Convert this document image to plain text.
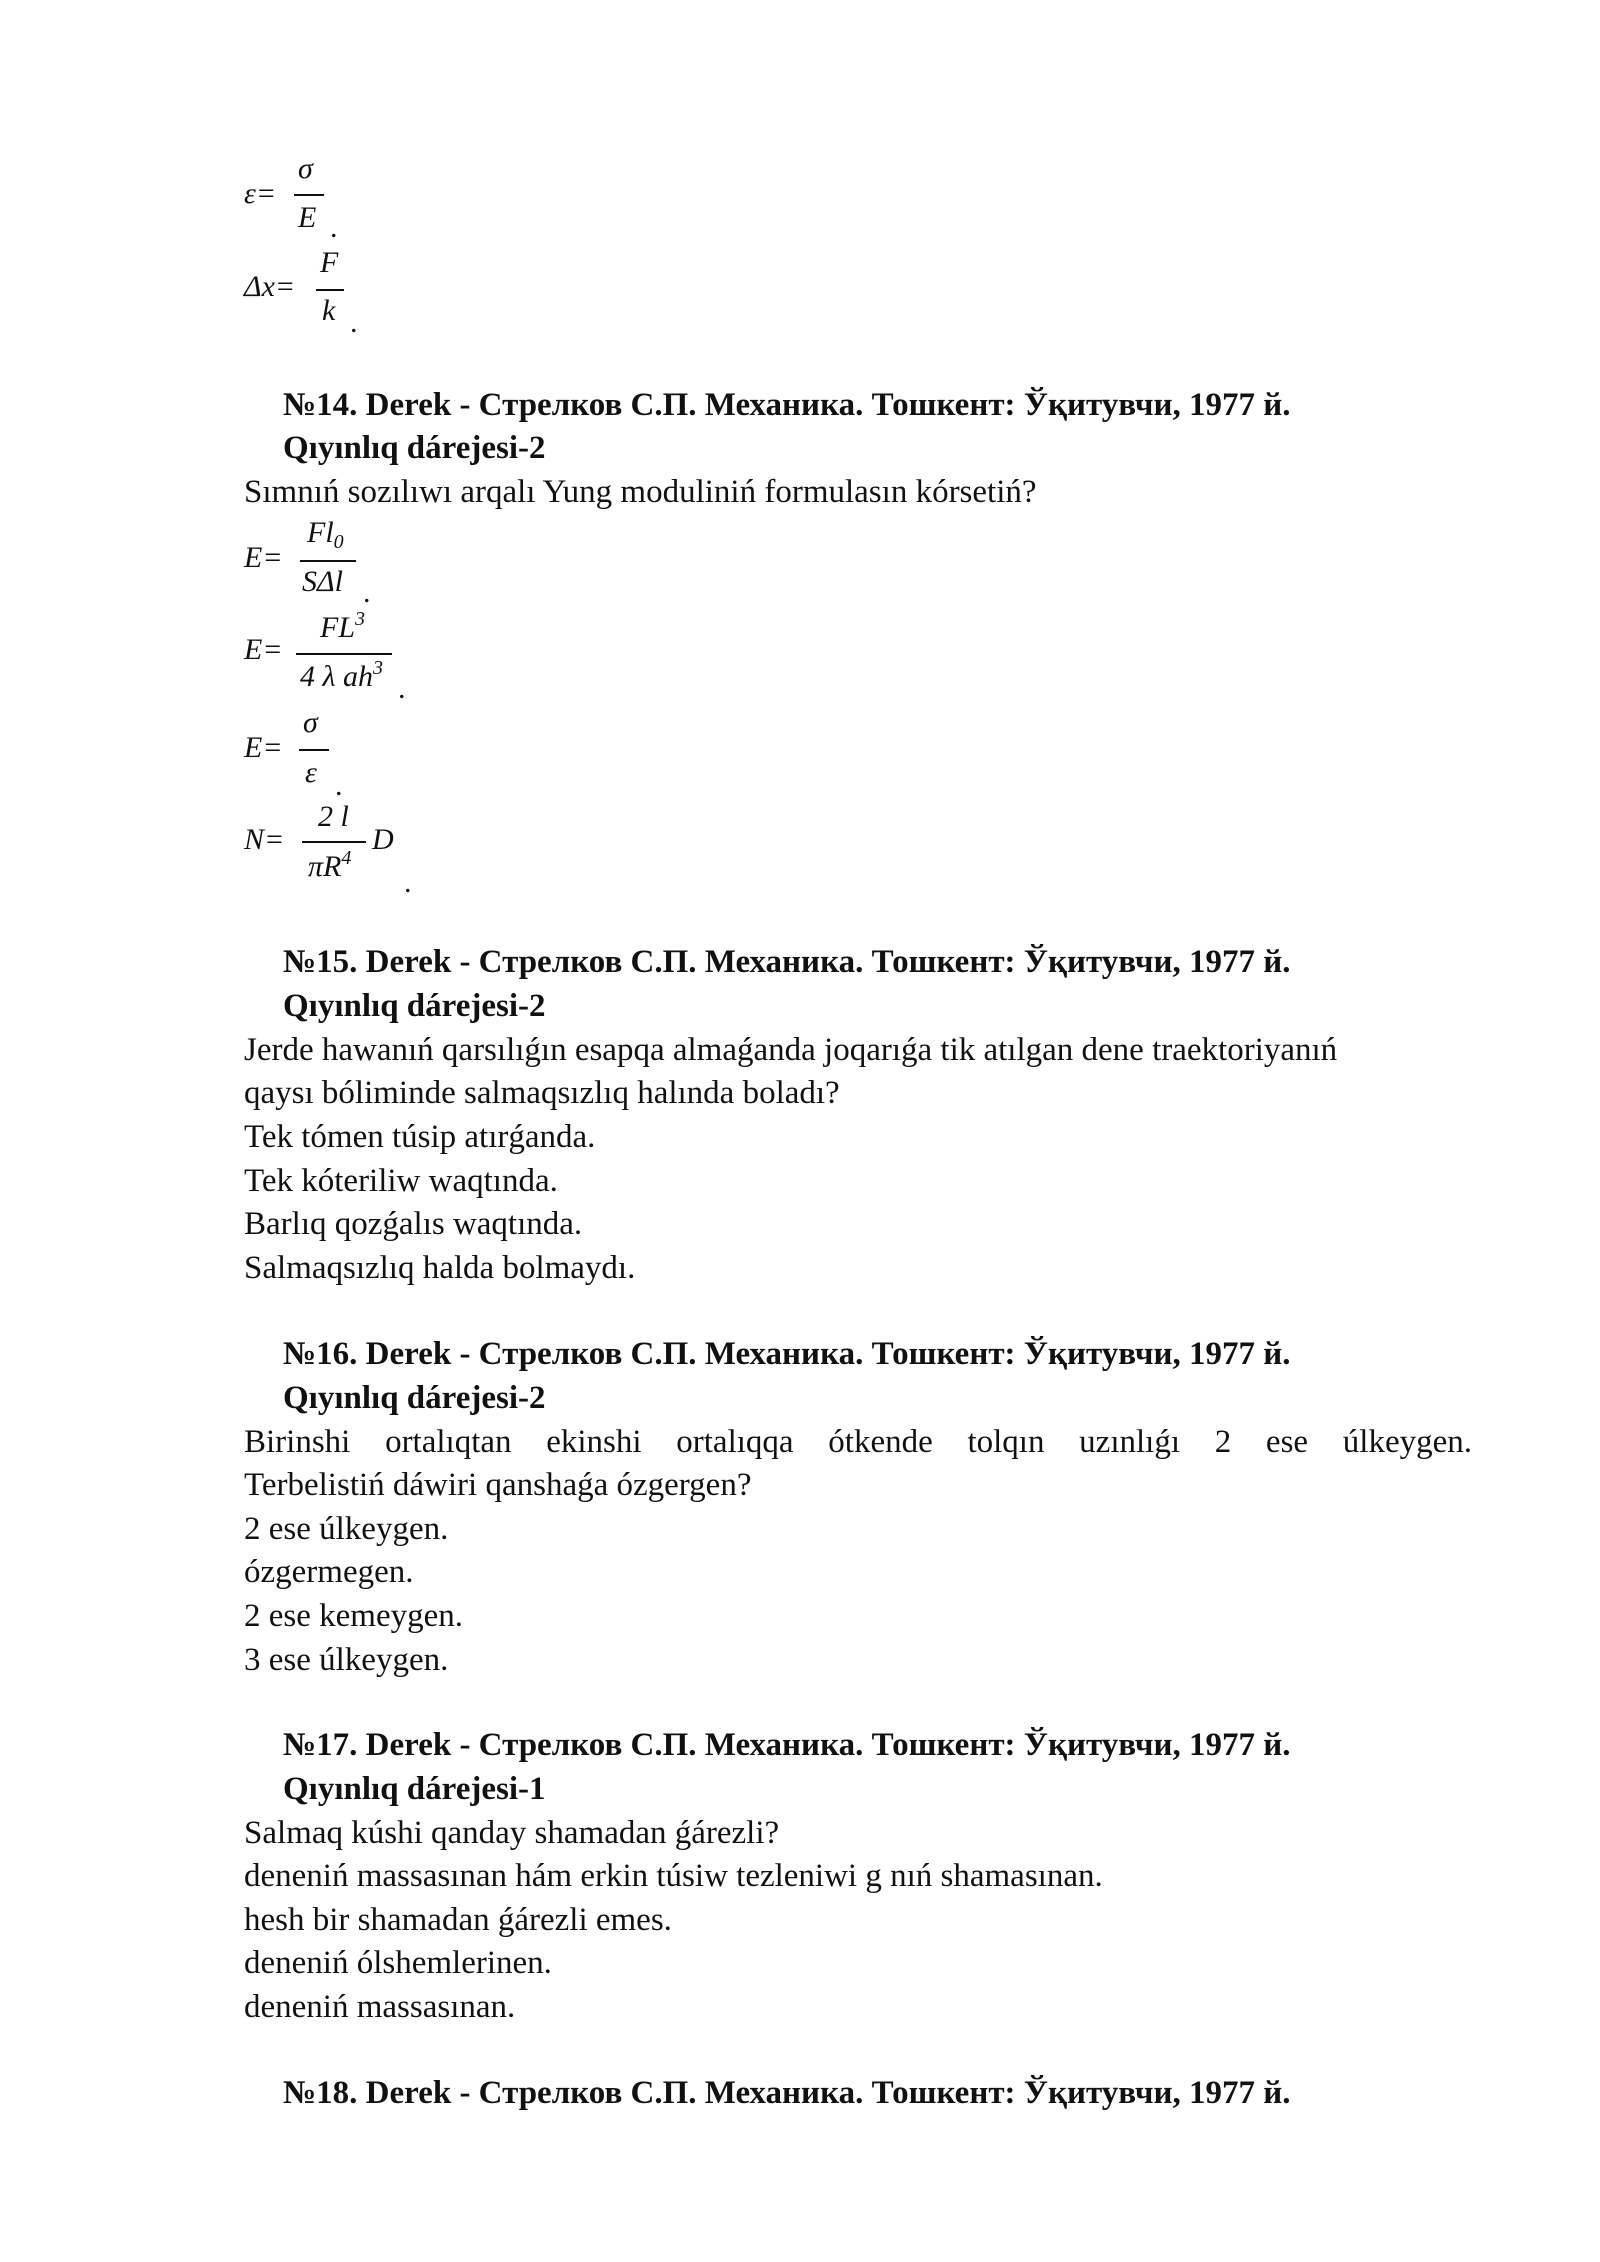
ε=
σ
E .
Δx=
F
k .
№14. Derek - Стрелков С.П. Механика. Тошкент: Ўқитувчи, 1977 й.
Qıyınlıq dárejesi-2
Sımnıń sozılıwı arqalı Yung moduliniń formulasın kórsetiń?
E=
$Fl_0$
SΔl .
E=
$FL^3$
4 λ $ah^3$
.
E=
σ
ε .
N=
2 l
$\pi R^4$
D
.
№15. Derek - Стрелков С.П. Механика. Тошкент: Ўқитувчи, 1977 й.
Qıyınlıq dárejesi-2
Jerde hawanıń qarsılıǵın esapqa almaǵanda joqarıǵa tik atılgan dene traektoriyanıń
qaysı bóliminde salmaqsızlıq halında boladı?
Tek tómen túsip atırǵanda.
Tek kóteriliw waqtında.
Barlıq qozǵalıs waqtında.
Salmaqsızlıq halda bolmaydı.
№16. Derek - Стрелков С.П. Механика. Тошкент: Ўқитувчи, 1977 й.
Qıyınlıq dárejesi-2
Birinshi ortalıqtan ekinshi ortalıqqa ótkende tolqın uzınlıǵı 2 ese úlkeygen.
Terbelistiń dáwiri qanshaǵa ózgergen?
2 ese úlkeygen.
ózgermegen.
2 ese kemeygen.
3 ese úlkeygen.
№17. Derek - Стрелков С.П. Механика. Тошкент: Ўқитувчи, 1977 й.
Qıyınlıq dárejesi-1
Salmaq kúshi qanday shamadan ǵárezli?
deneniń massasınan hám erkin túsiw tezleniwi g nıń shamasınan.
hesh bir shamadan ǵárezli emes.
deneniń ólshemlerinen.
deneniń massasınan.
№18. Derek - Стрелков С.П. Механика. Тошкент: Ўқитувчи, 1977 й.
